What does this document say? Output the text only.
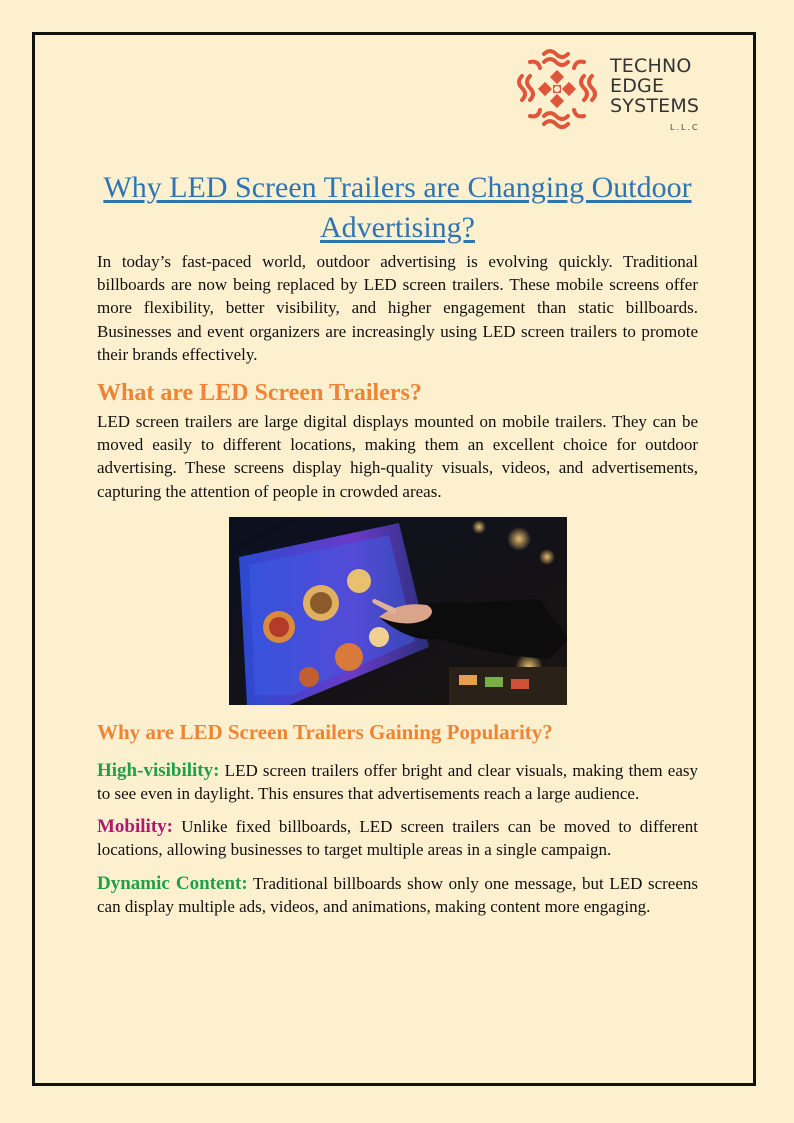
TECHNO
EDGE
SYSTEMS
L.L.C
Why LED Screen Trailers are Changing Outdoor Advertising?

In today’s fast-paced world, outdoor advertising is evolving quickly. Traditional billboards are now being replaced by LED screen trailers. These mobile screens offer more flexibility, better visibility, and higher engagement than static billboards. Businesses and event organizers are increasingly using LED screen trailers to promote their brands effectively.

What are LED Screen Trailers?

LED screen trailers are large digital displays mounted on mobile trailers. They can be moved easily to different locations, making them an excellent choice for outdoor advertising. These screens display high-quality visuals, videos, and advertisements, capturing the attention of people in crowded areas.

Why are LED Screen Trailers Gaining Popularity?

High-visibility: LED screen trailers offer bright and clear visuals, making them easy to see even in daylight. This ensures that advertisements reach a large audience.

Mobility: Unlike fixed billboards, LED screen trailers can be moved to different locations, allowing businesses to target multiple areas in a single campaign.

Dynamic Content: Traditional billboards show only one message, but LED screens can display multiple ads, videos, and animations, making content more engaging.
